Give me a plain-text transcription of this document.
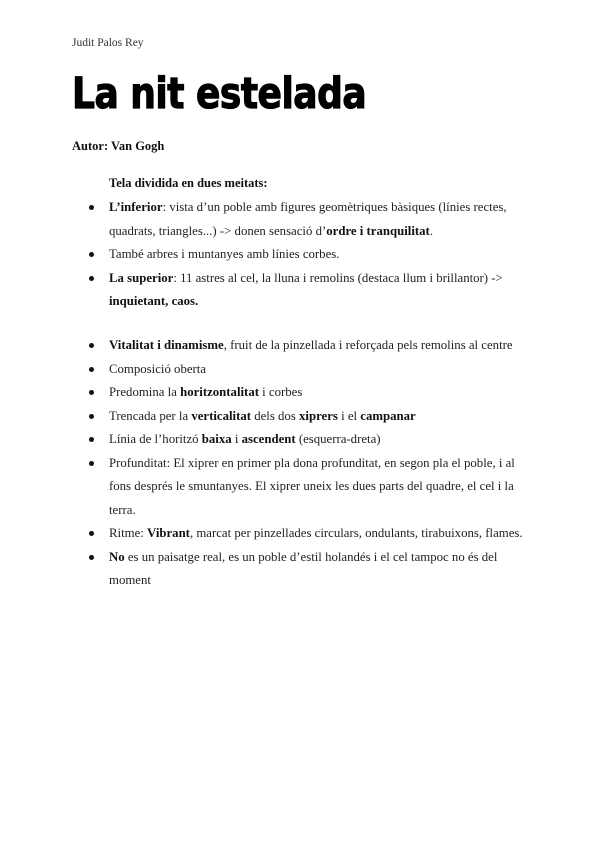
Judit Palos Rey
La nit estelada
Autor: Van Gogh
Tela dividida en dues meitats:
L’inferior: vista d’un poble amb figures geomètriques bàsiques (línies rectes, quadrats, triangles...) -> donen sensació d’ordre i tranquilitat.
També arbres i muntanyes amb línies corbes.
La superior: 11 astres al cel, la lluna i remolins (destaca llum i brillantor) -> inquietant, caos.
Vitalitat i dinamisme, fruit de la pinzellada i reforçada pels remolins al centre
Composició oberta
Predomina la horitzontalitat i corbes
Trencada per la verticalitat dels dos xiprers i el campanar
Línia de l’horitzó baixa i ascendent (esquerra-dreta)
Profunditat: El xiprer en primer pla dona profunditat, en segon pla el poble, i al fons després le smuntanyes. El xiprer uneix les dues parts del quadre, el cel i la terra.
Ritme: Vibrant, marcat per pinzellades circulars, ondulants, tirabuixons, flames.
No es un paisatge real, es un poble d’estil holandés i el cel tampoc no és del moment
